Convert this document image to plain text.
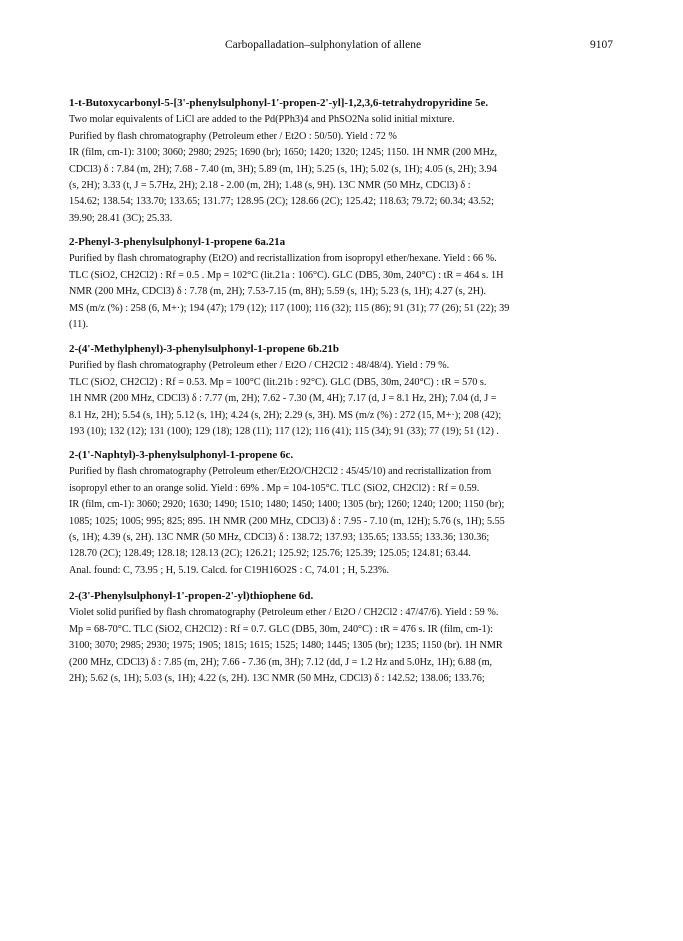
Carbopalladation–sulphonylation of allene	9107
1-t-Butoxycarbonyl-5-[3'-phenylsulphonyl-1'-propen-2'-yl]-1,2,3,6-tetrahydropyridine 5e.
Two molar equivalents of LiCl are added to the Pd(PPh3)4 and PhSO2Na solid initial mixture.
Purified by flash chromatography (Petroleum ether / Et2O : 50/50). Yield : 72 %
IR (film, cm-1): 3100; 3060; 2980; 2925; 1690 (br); 1650; 1420; 1320; 1245; 1150. 1H NMR (200 MHz,
CDCl3) δ : 7.84 (m, 2H); 7.68 - 7.40 (m, 3H); 5.89 (m, 1H); 5.25 (s, 1H); 5.02 (s, 1H); 4.05 (s, 2H); 3.94
(s, 2H); 3.33 (t, J = 5.7Hz, 2H); 2.18 - 2.00 (m, 2H); 1.48 (s, 9H). 13C NMR (50 MHz, CDCl3) δ :
154.62; 138.54; 133.70; 133.65; 131.77; 128.95 (2C); 128.66 (2C); 125.42; 118.63; 79.72; 60.34; 43.52;
39.90; 28.41 (3C); 25.33.
2-Phenyl-3-phenylsulphonyl-1-propene 6a.21a
Purified by flash chromatography (Et2O) and recristallization from isopropyl ether/hexane. Yield : 66 %.
TLC (SiO2, CH2Cl2) : Rf = 0.5 . Mp = 102°C (lit.21a : 106°C). GLC (DB5, 30m, 240°C) : tR = 464 s. 1H
NMR (200 MHz, CDCl3) δ : 7.78 (m, 2H); 7.53-7.15 (m, 8H); 5.59 (s, 1H); 5.23 (s, 1H); 4.27 (s, 2H).
MS (m/z (%) : 258 (6, M+·); 194 (47); 179 (12); 117 (100); 116 (32); 115 (86); 91 (31); 77 (26); 51 (22); 39
(11).
2-(4'-Methylphenyl)-3-phenylsulphonyl-1-propene 6b.21b
Purified by flash chromatography (Petroleum ether / Et2O / CH2Cl2 : 48/48/4). Yield : 79 %.
TLC (SiO2, CH2Cl2) : Rf = 0.53. Mp = 100°C (lit.21b : 92°C). GLC (DB5, 30m, 240°C) : tR = 570 s.
1H NMR (200 MHz, CDCl3) δ : 7.77 (m, 2H); 7.62 - 7.30 (M, 4H); 7.17 (d, J = 8.1 Hz, 2H); 7.04 (d, J =
8.1 Hz, 2H); 5.54 (s, 1H); 5.12 (s, 1H); 4.24 (s, 2H); 2.29 (s, 3H). MS (m/z (%) : 272 (15, M+·); 208 (42);
193 (10); 132 (12); 131 (100); 129 (18); 128 (11); 117 (12); 116 (41); 115 (34); 91 (33); 77 (19); 51 (12) .
2-(1'-Naphtyl)-3-phenylsulphonyl-1-propene 6c.
Purified by flash chromatography (Petroleum ether/Et2O/CH2Cl2 : 45/45/10) and recristallization from
isopropyl ether to an orange solid. Yield : 69% . Mp = 104-105°C. TLC (SiO2, CH2Cl2) : Rf = 0.59.
IR (film, cm-1): 3060; 2920; 1630; 1490; 1510; 1480; 1450; 1400; 1305 (br); 1260; 1240; 1200; 1150 (br);
1085; 1025; 1005; 995; 825; 895. 1H NMR (200 MHz, CDCl3) δ : 7.95 - 7.10 (m, 12H); 5.76 (s, 1H); 5.55
(s, 1H); 4.39 (s, 2H). 13C NMR (50 MHz, CDCl3) δ : 138.72; 137.93; 135.65; 133.55; 133.36; 130.36;
128.70 (2C); 128.49; 128.18; 128.13 (2C); 126.21; 125.92; 125.76; 125.39; 125.05; 124.81; 63.44.
Anal. found: C, 73.95 ; H, 5.19. Calcd. for C19H16O2S : C, 74.01 ; H, 5.23%.
2-(3'-Phenylsulphonyl-1'-propen-2'-yl)thiophene 6d.
Violet solid purified by flash chromatography (Petroleum ether / Et2O / CH2Cl2 : 47/47/6). Yield : 59 %.
Mp = 68-70°C. TLC (SiO2, CH2Cl2) : Rf = 0.7. GLC (DB5, 30m, 240°C) : tR = 476 s. IR (film, cm-1):
3100; 3070; 2985; 2930; 1975; 1905; 1815; 1615; 1525; 1480; 1445; 1305 (br); 1235; 1150 (br). 1H NMR
(200 MHz, CDCl3) δ : 7.85 (m, 2H); 7.66 - 7.36 (m, 3H); 7.12 (dd, J = 1.2 Hz and 5.0Hz, 1H); 6.88 (m,
2H); 5.62 (s, 1H); 5.03 (s, 1H); 4.22 (s, 2H). 13C NMR (50 MHz, CDCl3) δ : 142.52; 138.06; 133.76;
